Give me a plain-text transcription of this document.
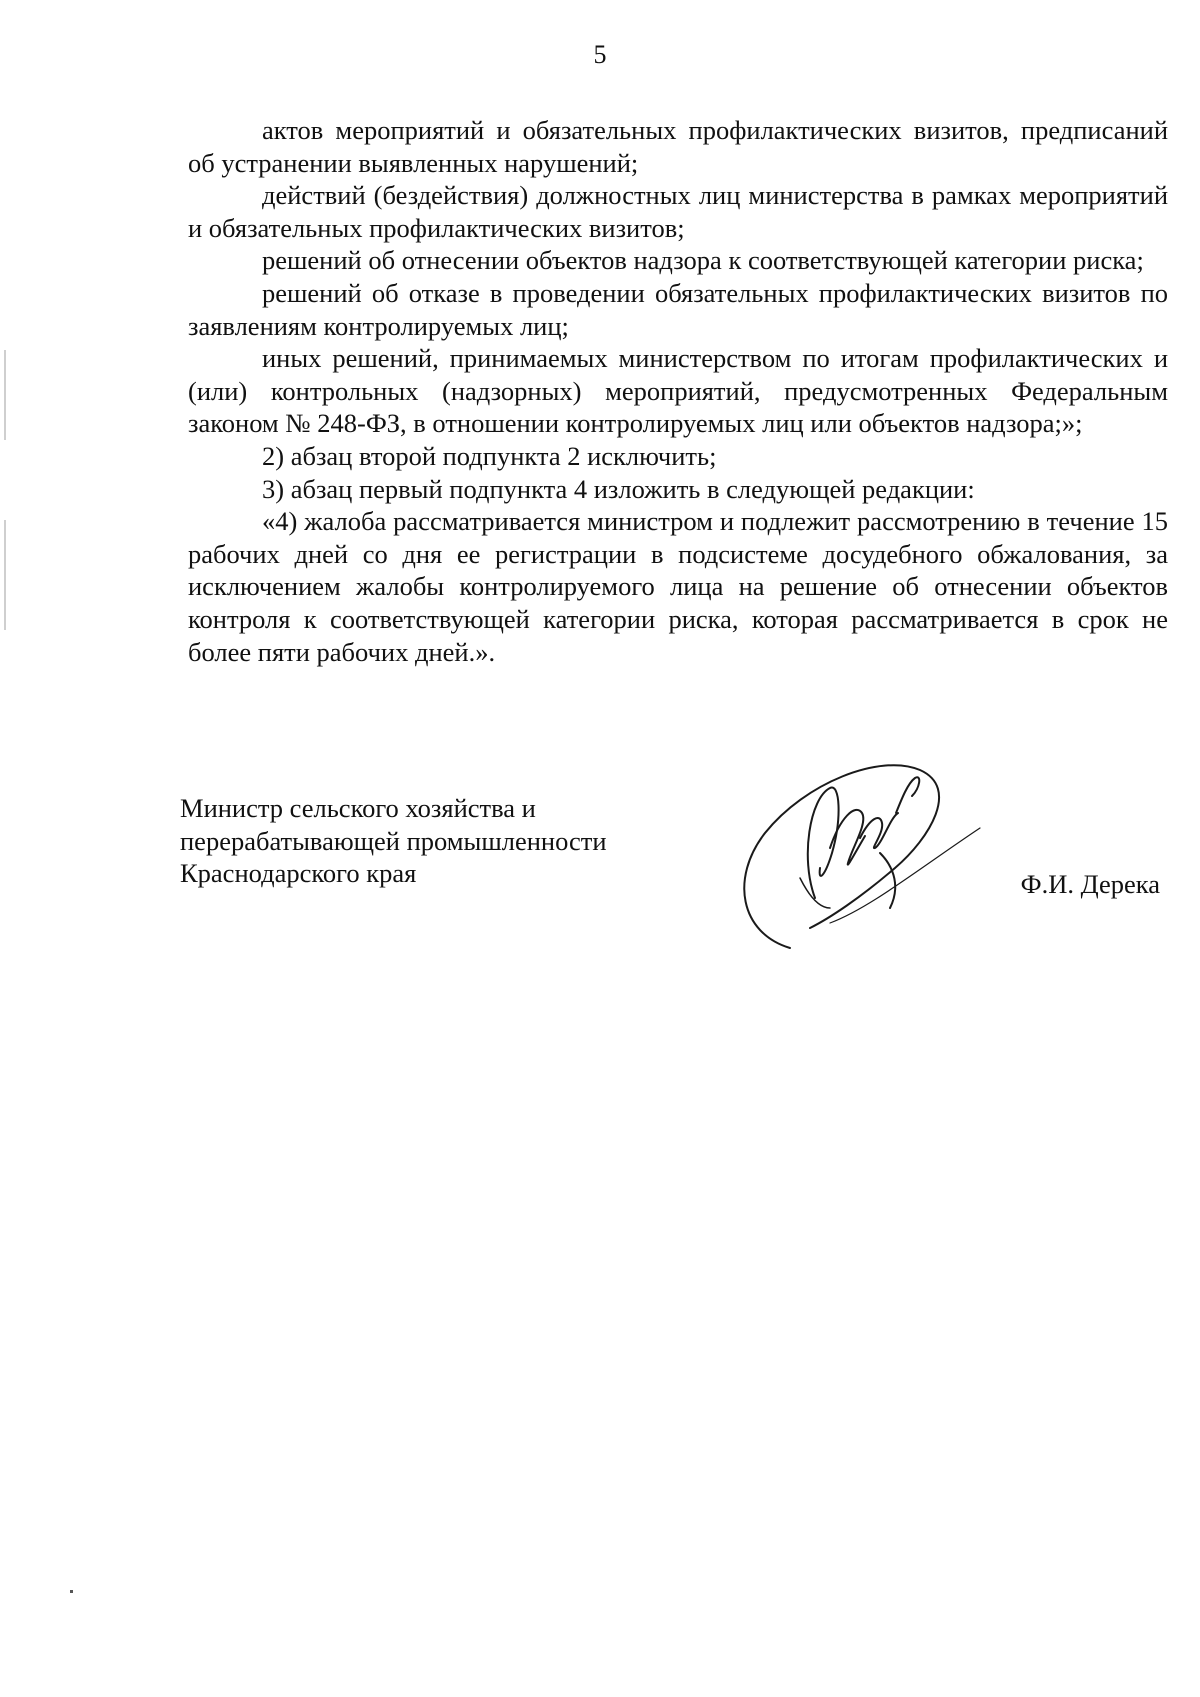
5

актов мероприятий и обязательных профилактических визитов, предписаний об устранении выявленных нарушений;

действий (бездействия) должностных лиц министерства в рамках мероприятий и обязательных профилактических визитов;

решений об отнесении объектов надзора к соответствующей категории риска;

решений об отказе в проведении обязательных профилактических визитов по заявлениям контролируемых лиц;

иных решений, принимаемых министерством по итогам профилактических и (или) контрольных (надзорных) мероприятий, предусмотренных Федеральным законом № 248-ФЗ, в отношении контролируемых лиц или объектов надзора;»;

2) абзац второй подпункта 2 исключить;

3) абзац первый подпункта 4 изложить в следующей редакции:

«4) жалоба рассматривается министром и подлежит рассмотрению в течение 15 рабочих дней со дня ее регистрации в подсистеме досудебного обжалования, за исключением жалобы контролируемого лица на решение об отнесении объектов контроля к соответствующей категории риска, которая рассматривается в срок не более пяти рабочих дней.».

Министр сельского хозяйства и
перерабатывающей промышленности
Краснодарского края	Ф.И. Дерека
